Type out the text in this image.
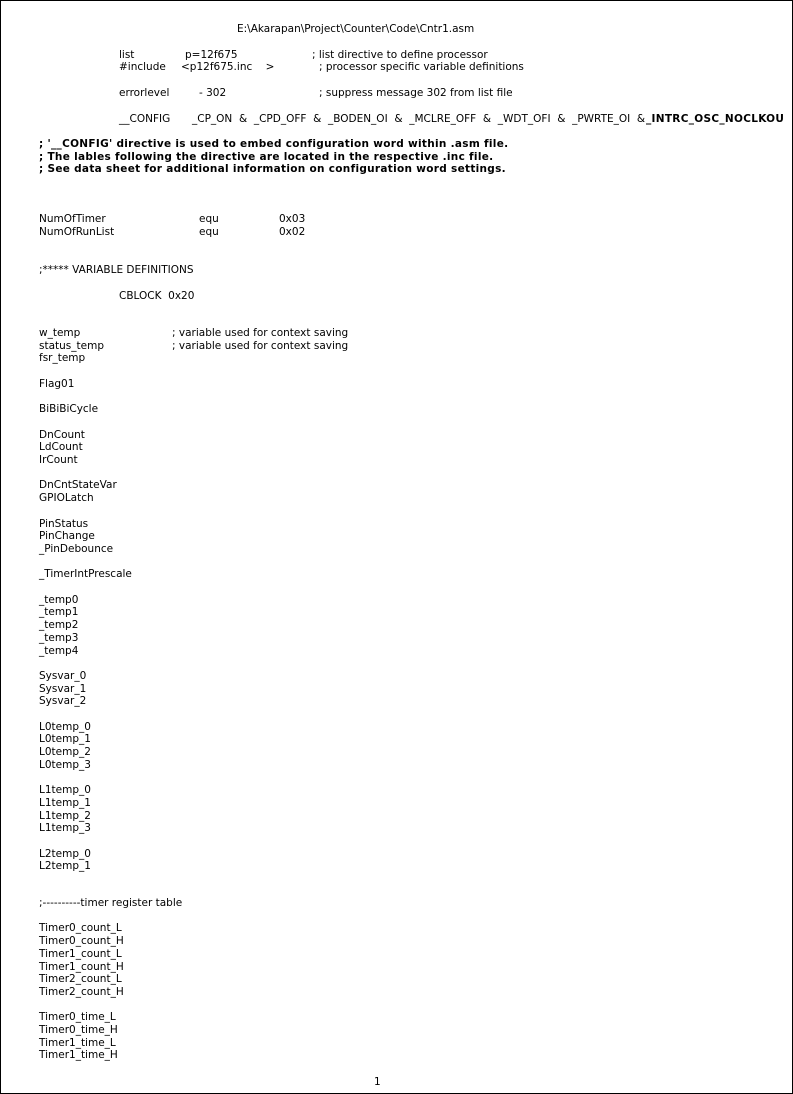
E:\Akarapan\Project\Counter\Code\Cntr1.asm
list	p=12f675	; list directive to define processor
#include <p12f675.inc    >	; processor specific variable definitions
errorlevel	- 302	; suppress message 302 from list file
__CONFIG _CP_ON  &  _CPD_OFF  &  _BODEN_OI  &  _MCLRE_OFF  &  _WDT_OFI  &  _PWRTE_OI  & _INTRC_OSC_NOCLKOU
; '__CONFIG' directive is used to embed configuration word within .asm file.
; The lables following the directive are located in the respective .inc file.
; See data sheet for additional information on configuration word settings.
NumOfTimer	equ	0x03
NumOfRunList	equ	0x02
;***** VARIABLE DEFINITIONS
CBLOCK  0x20
w_temp	; variable used for context saving
status_temp	; variable used for context saving
fsr_temp
Flag01
BiBiBiCycle
DnCount
LdCount
IrCount
DnCntStateVar
GPIOLatch
PinStatus
PinChange
_PinDebounce
_TimerIntPrescale
_temp0
_temp1
_temp2
_temp3
_temp4
Sysvar_0
Sysvar_1
Sysvar_2
L0temp_0
L0temp_1
L0temp_2
L0temp_3
L1temp_0
L1temp_1
L1temp_2
L1temp_3
L2temp_0
L2temp_1
;----------timer register table
Timer0_count_L
Timer0_count_H
Timer1_count_L
Timer1_count_H
Timer2_count_L
Timer2_count_H
Timer0_time_L
Timer0_time_H
Timer1_time_L
Timer1_time_H
1
